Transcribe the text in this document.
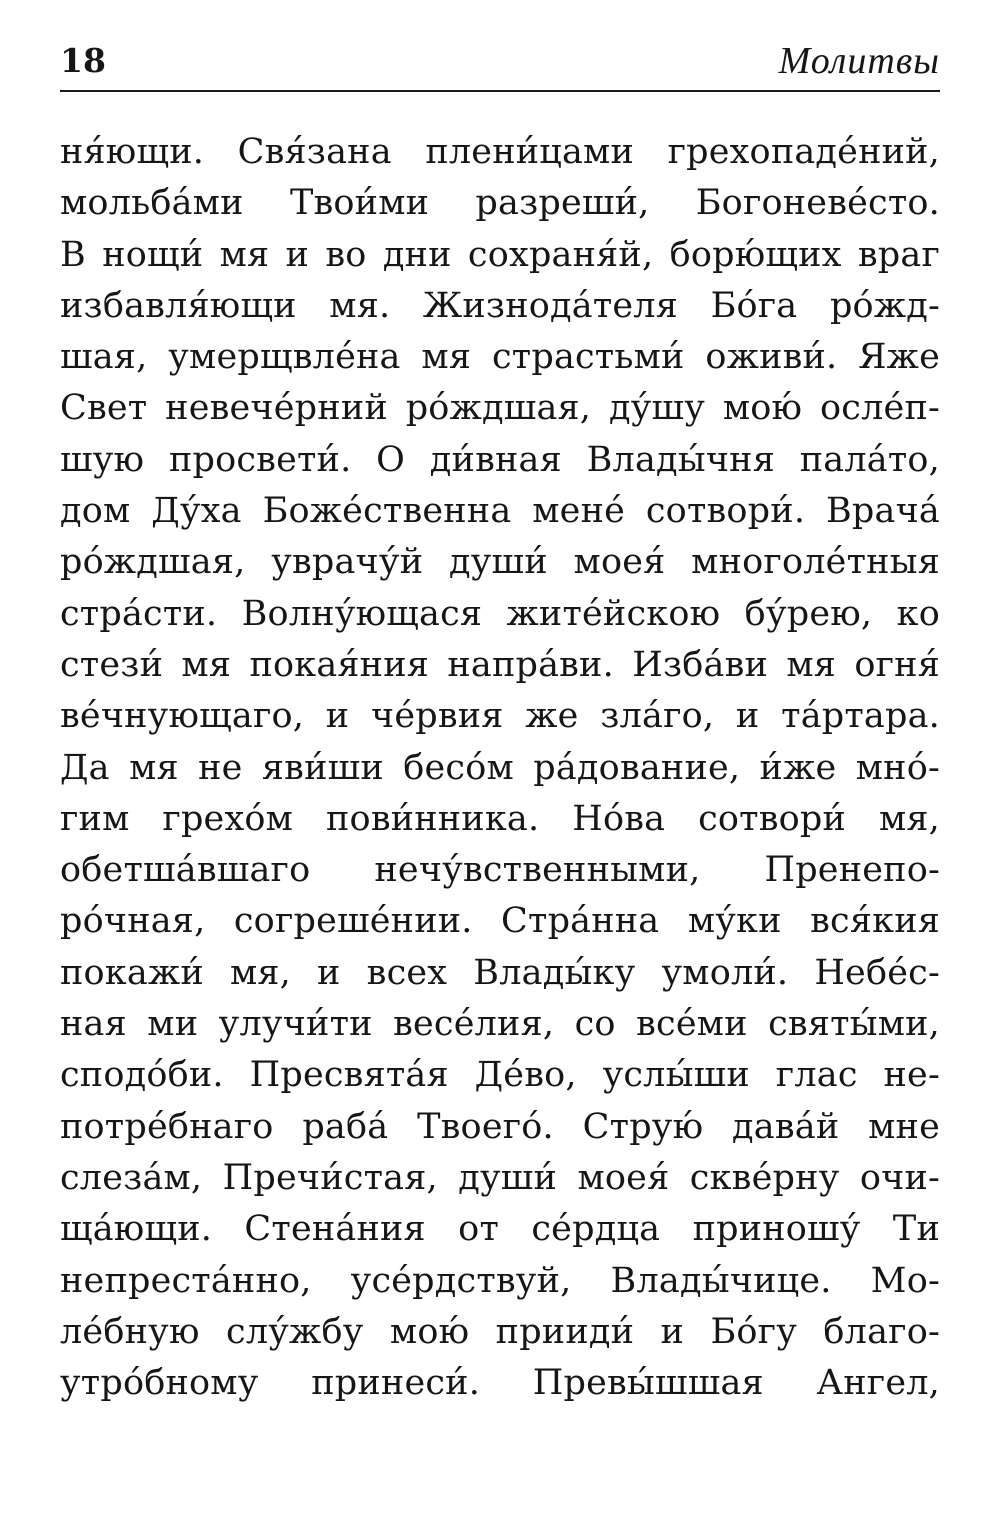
18	Молитвы
ня́ющи. Свя́зана плени́цами грехопаде́ний,
мольба́ми Твои́ми разреши́, Богоневе́сто.
В нощи́ мя и во дни сохраня́й, борю́щих враг
избавля́ющи мя. Жизнода́теля Бо́га ро́жд-
шая, умерщвле́на мя страстьми́ оживи́. Яже
Свет невече́рний ро́ждшая, ду́шу мою́ осле́п-
шую просвети́. О ди́вная Влады́чня пала́то,
дом Ду́ха Боже́ственна мене́ сотвори́. Врача́
ро́ждшая, уврачу́й души́ моея́ многоле́тныя
стра́сти. Волну́ющася жите́йскою бу́рею, ко
стези́ мя покая́ния напра́ви. Изба́ви мя огня́
ве́чнующаго, и че́рвия же зла́го, и та́ртара.
Да мя не яви́ши бесо́м ра́дование, и́же мно́-
гим грехо́м пови́нника. Но́ва сотвори́ мя,
обетша́вшаго нечу́вственными, Пренепо-
ро́чная, согреше́нии. Стра́нна му́ки вся́кия
покажи́ мя, и всех Влады́ку умоли́. Небе́с-
ная ми улучи́ти весе́лия, со все́ми святы́ми,
сподо́би. Пресвята́я Де́во, услы́ши глас не-
потре́бнаго раба́ Твоего́. Струю́ дава́й мне
слеза́м, Пречи́стая, души́ моея́ скве́рну очи-
ща́ющи. Стена́ния от се́рдца приношу́ Ти
непреста́нно, усе́рдствуй, Влады́чице. Мо-
ле́бную слу́жбу мою́ прииди́ и Бо́гу благо-
утро́бному принеси́. Превы́шшая Ангел,
